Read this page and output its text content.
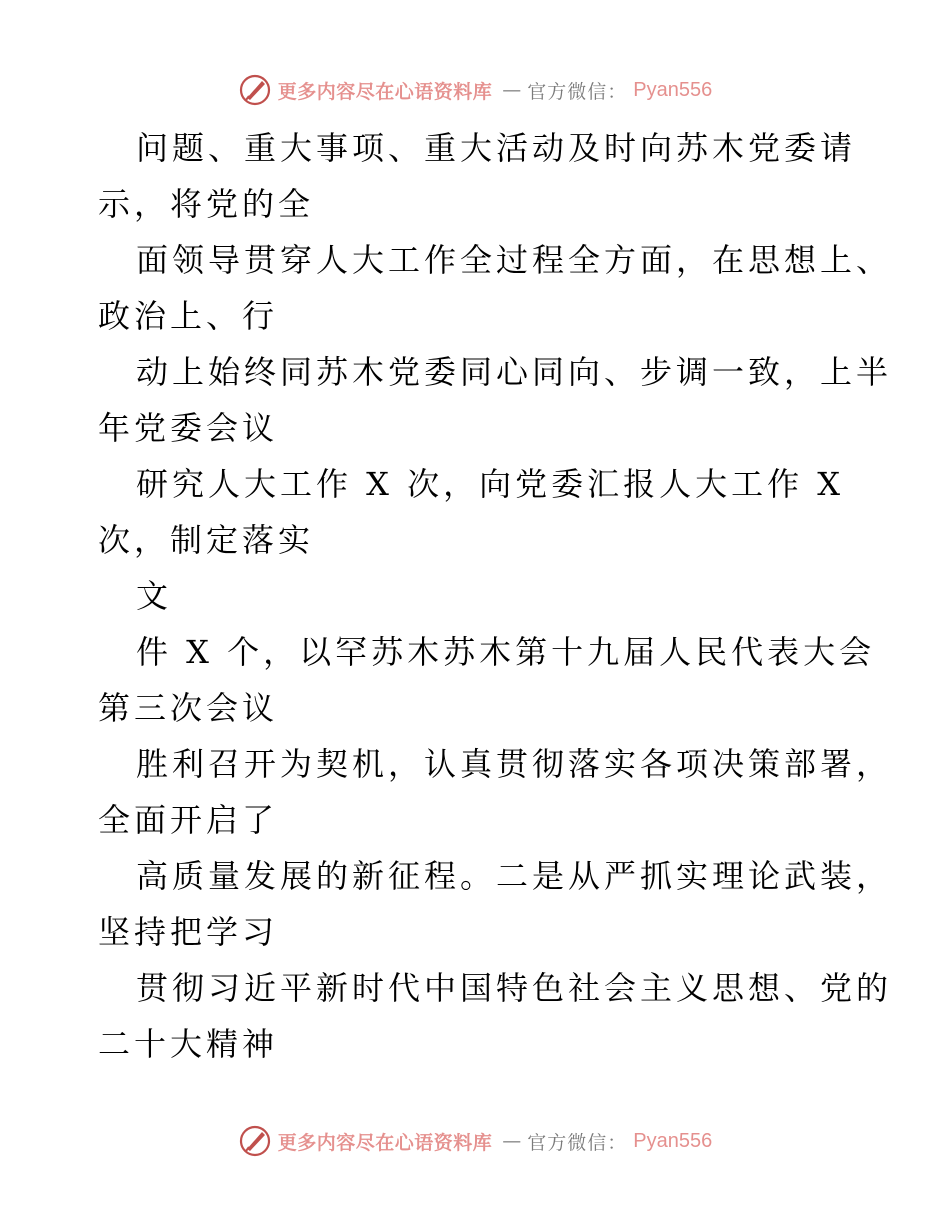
更多内容尽在心语资料库 — 官方微信： Pyan556
问题、重大事项、重大活动及时向苏木党委请
示，将党的全
面领导贯穿人大工作全过程全方面，在思想上、
政治上、行
动上始终同苏木党委同心同向、步调一致，上半
年党委会议
研究人大工作 X 次，向党委汇报人大工作 X
次，制定落实
文
件 X 个，以罕苏木苏木第十九届人民代表大会
第三次会议
胜利召开为契机，认真贯彻落实各项决策部署，
全面开启了
高质量发展的新征程。二是从严抓实理论武装，
坚持把学习
贯彻习近平新时代中国特色社会主义思想、党的
二十大精神
更多内容尽在心语资料库 — 官方微信： Pyan556
